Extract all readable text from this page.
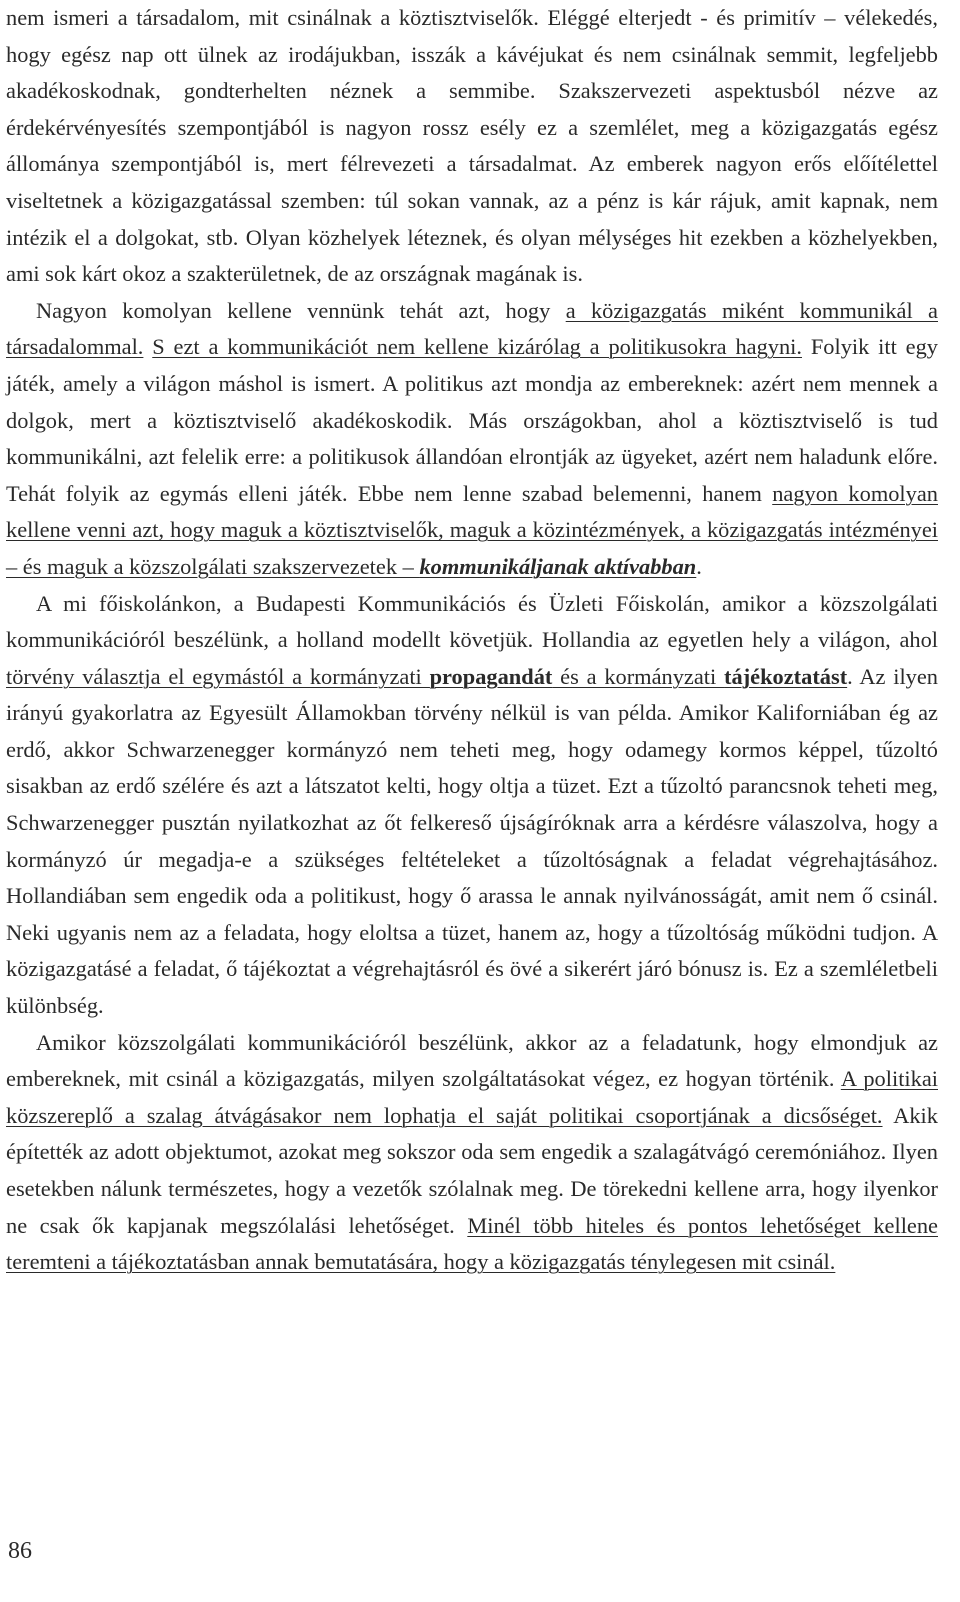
nem ismeri a társadalom, mit csinálnak a köztisztviselők. Eléggé elterjedt - és primitív – vélekedés, hogy egész nap ott ülnek az irodájukban, isszák a kávéjukat és nem csinálnak semmit, legfeljebb akadékoskodnak, gondterhelten néznek a semmibe. Szakszervezeti aspektusból nézve az érdekérvényesítés szempontjából is nagyon rossz esély ez a szemlélet, meg a közigazgatás egész állománya szempontjából is, mert félrevezeti a társadalmat. Az emberek nagyon erős előítélettel viseltetnek a közigazgatással szemben: túl sokan vannak, az a pénz is kár rájuk, amit kapnak, nem intézik el a dolgokat, stb. Olyan közhelyek léteznek, és olyan mélységes hit ezekben a közhelyekben, ami sok kárt okoz a szakterületnek, de az országnak magának is.

Nagyon komolyan kellene vennünk tehát azt, hogy a közigazgatás miként kommunikál a társadalommal. S ezt a kommunikációt nem kellene kizárólag a politikusokra hagyni. Folyik itt egy játék, amely a világon máshol is ismert. A politikus azt mondja az embereknek: azért nem mennek a dolgok, mert a köztisztviselő akadékoskodik. Más országokban, ahol a köztisztviselő is tud kommunikálni, azt felelik erre: a politikusok állandóan elrontják az ügyeket, azért nem haladunk előre. Tehát folyik az egymás elleni játék. Ebbe nem lenne szabad belemenni, hanem nagyon komolyan kellene venni azt, hogy maguk a köztisztviselők, maguk a közintézmények, a közigazgatás intézményei – és maguk a közszolgálati szakszervezetek – kommunikáljanak aktívabban.

A mi főiskolánkon, a Budapesti Kommunikációs és Üzleti Főiskolán, amikor a közszolgálati kommunikációról beszélünk, a holland modellt követjük. Hollandia az egyetlen hely a világon, ahol törvény választja el egymástól a kormányzati propagandát és a kormányzati tájékoztatást. Az ilyen irányú gyakorlatra az Egyesült Államokban törvény nélkül is van példa. Amikor Kaliforniában ég az erdő, akkor Schwarzenegger kormányzó nem teheti meg, hogy odamegy kormos képpel, tűzoltó sisakban az erdő szélére és azt a látszatot kelti, hogy oltja a tüzet. Ezt a tűzoltó parancsnok teheti meg, Schwarzenegger pusztán nyilatkozhat az őt felkereső újságíróknak arra a kérdésre válaszolva, hogy a kormányzó úr megadja-e a szükséges feltételeket a tűzoltóságnak a feladat végrehajtásához. Hollandiában sem engedik oda a politikust, hogy ő arassa le annak nyilvánosságát, amit nem ő csinál. Neki ugyanis nem az a feladata, hogy eloltsa a tüzet, hanem az, hogy a tűzoltóság működni tudjon. A közigazgatásé a feladat, ő tájékoztat a végrehajtásról és övé a sikerért járó bónusz is. Ez a szemléletbeli különbség.

Amikor közszolgálati kommunikációról beszélünk, akkor az a feladatunk, hogy elmondjuk az embereknek, mit csinál a közigazgatás, milyen szolgáltatásokat végez, ez hogyan történik. A politikai közszereplő a szalag átvágásakor nem lophatja el saját politikai csoportjának a dicsőséget. Akik építették az adott objektumot, azokat meg sokszor oda sem engedik a szalagátvágó ceremóniához. Ilyen esetekben nálunk természetes, hogy a vezetők szólalnak meg. De törekedni kellene arra, hogy ilyenkor ne csak ők kapjanak megszólalási lehetőséget. Minél több hiteles és pontos lehetőséget kellene teremteni a tájékoztatásban annak bemutatására, hogy a közigazgatás ténylegesen mit csinál.

86
